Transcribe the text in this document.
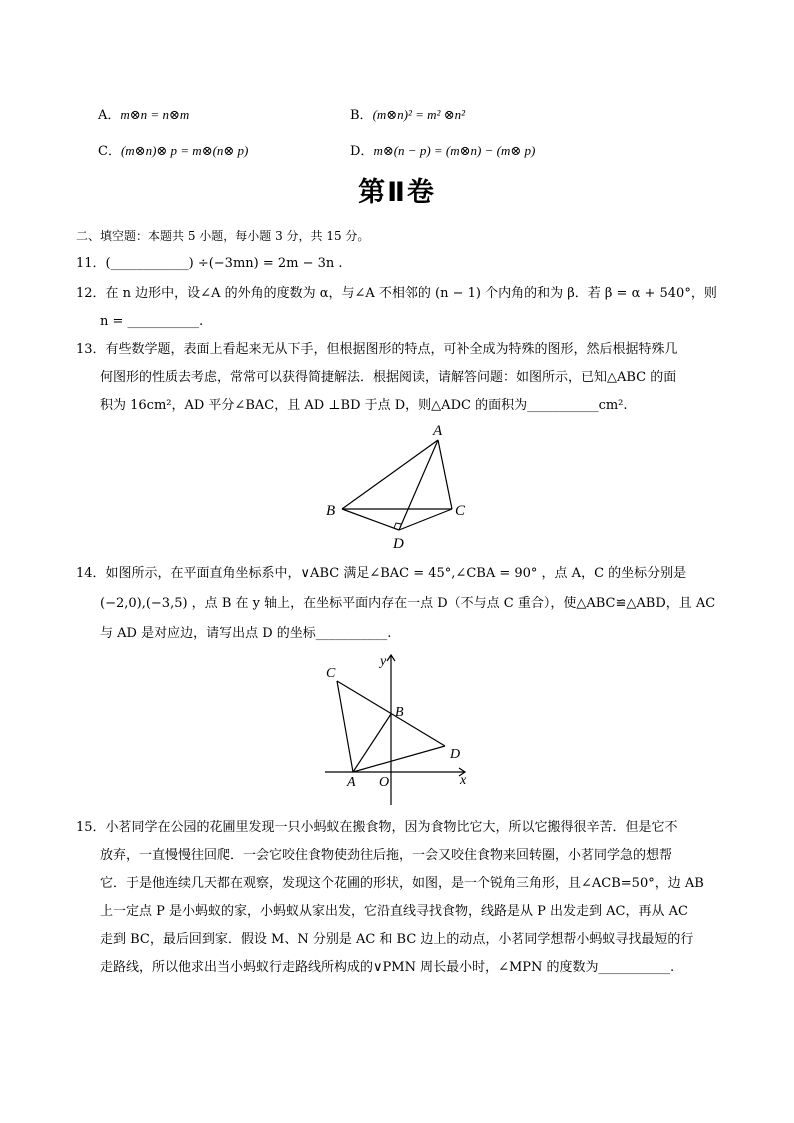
A．m⊗n = n⊗m	B．(m⊗n)² = m² ⊗n²
C．(m⊗n)⊗ p = m⊗(n⊗ p)	D．m⊗(n − p) = (m⊗n) − (m⊗ p)
第Ⅱ卷
二、填空题：本题共 5 小题，每小题 3 分，共 15 分。
11．(____________) ÷(−3mn) = 2m − 3n .
12．在 n 边形中，设∠A 的外角的度数为 α，与∠A 不相邻的 (n − 1) 个内角的和为 β．若 β = α + 540°，则
n = ___________.
13．有些数学题，表面上看起来无从下手，但根据图形的特点，可补全成为特殊的图形，然后根据特殊几
何图形的性质去考虑，常常可以获得简捷解法．根据阅读，请解答问题：如图所示，已知△ABC 的面
积为 16cm²，AD 平分∠BAC，且 AD ⊥BD 于点 D，则△ADC 的面积为___________cm².
A
B	C
D
14．如图所示，在平面直角坐标系中，∨ABC 满足∠BAC = 45°,∠CBA = 90° ，点 A，C 的坐标分别是
(−2,0),(−3,5) ，点 B 在 y 轴上，在坐标平面内存在一点 D（不与点 C 重合），使△ABC≌△ABD，且 AC
与 AD 是对应边，请写出点 D 的坐标___________.
C
B
D
A O	x
y
15．小茗同学在公园的花圃里发现一只小蚂蚁在搬食物，因为食物比它大，所以它搬得很辛苦．但是它不
放弃，一直慢慢往回爬．一会它咬住食物使劲往后拖，一会又咬住食物来回转圈，小茗同学急的想帮
它．于是他连续几天都在观察，发现这个花圃的形状，如图，是一个锐角三角形，且∠ACB=50°，边 AB
上一定点 P 是小蚂蚁的家，小蚂蚁从家出发，它沿直线寻找食物，线路是从 P 出发走到 AC，再从 AC
走到 BC，最后回到家．假设 M、N 分别是 AC 和 BC 边上的动点，小茗同学想帮小蚂蚁寻找最短的行
走路线，所以他求出当小蚂蚁行走路线所构成的∨PMN 周长最小时，∠MPN 的度数为___________.
